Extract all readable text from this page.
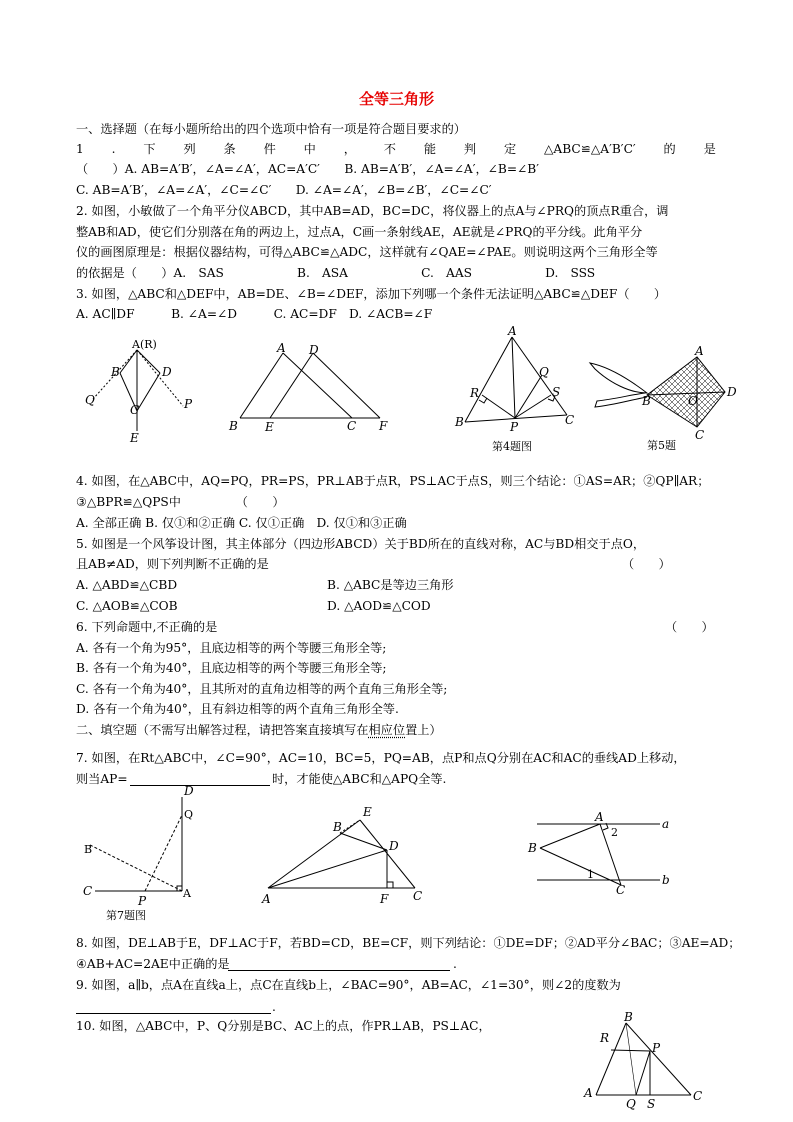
全等三角形
一、选择题（在每小题所给出的四个选项中恰有一项是符合题目要求的）
1 . 下 列 条 件 中 ， 不 能 判 定 △ABC≌△A′B′C′ 的 是
（　　）A. AB=A′B′，∠A=∠A′，AC=A′C′　　B. AB=A′B′，∠A=∠A′，∠B=∠B′
C. AB=A′B′，∠A=∠A′，∠C=∠C′　　D. ∠A=∠A′，∠B=∠B′，∠C=∠C′
2. 如图，小敏做了一个角平分仪ABCD，其中AB=AD，BC=DC，将仪器上的点A与∠PRQ的顶点R重合，调
整AB和AD，使它们分别落在角的两边上，过点A，C画一条射线AE，AE就是∠PRQ的平分线。此角平分
仪的画图原理是：根据仪器结构，可得△ABC≌△ADC，这样就有∠QAE=∠PAE。则说明这两个三角形全等
的依据是（　　）A.　SAS　　　　　　B.　ASA　　　　　　C.　AAS　　　　　　D.　SSS
3. 如图，△ABC和△DEF中，AB=DE、∠B=∠DEF，添加下列哪一个条件无法证明△ABC≌△DEF（　　）
A. AC∥DF　　　B. ∠A=∠D　　　C. AC=DF　D. ∠ACB=∠F
A(R)
B	D
Q	P
C
E
A D
B E	C F
A
R
Q
S
B	P	C
第4题图
A
D
B	O
C
第5题
4. 如图，在△ABC中，AQ=PQ，PR=PS，PR⊥AB于点R，PS⊥AC于点S，则三个结论：①AS=AR；②QP∥AR；
③△BPR≌△QPS中　　　　　（　　）
A. 全部正确 B. 仅①和②正确 C. 仅①正确　D. 仅①和③正确
5. 如图是一个风筝设计图，其主体部分（四边形ABCD）关于BD所在的直线对称，AC与BD相交于点O，
且AB≠AD，则下列判断不正确的是	（　　）
A. △ABD≌△CBD	B. △ABC是等边三角形
C. △AOB≌△COB	D. △AOD≌△COD
6. 下列命题中,不正确的是	（　　）
A. 各有一个角为95°，且底边相等的两个等腰三角形全等;
B. 各有一个角为40°，且底边相等的两个等腰三角形全等;
C. 各有一个角为40°，且其所对的直角边相等的两个直角三角形全等;
D. 各有一个角为40°，且有斜边相等的两个直角三角形全等.
二、填空题（不需写出解答过程，请把答案直接填写在相应位置上）
7. 如图，在Rt△ABC中，∠C=90°，AC=10，BC=5，PQ=AB，点P和点Q分别在AC和AC的垂线AD上移动，
则当AP=	时，才能使△ABC和△APQ全等.
D
Q
B
C
P
A
第7题图
E
B
D
A	F C
A
2
a
B
1
C
b
8. 如图，DE⊥AB于E，DF⊥AC于F，若BD=CD，BE=CF，则下列结论：①DE=DF；②AD平分∠BAC；③AE=AD；
④AB+AC=2AE中正确的是	.
9. 如图，a∥b，点A在直线a上，点C在直线b上，∠BAC=90°，AB=AC，∠1=30°，则∠2的度数为
.
10. 如图，△ABC中，P、Q分别是BC、AC上的点，作PR⊥AB，PS⊥AC，
B
R
P
A
Q S
C
